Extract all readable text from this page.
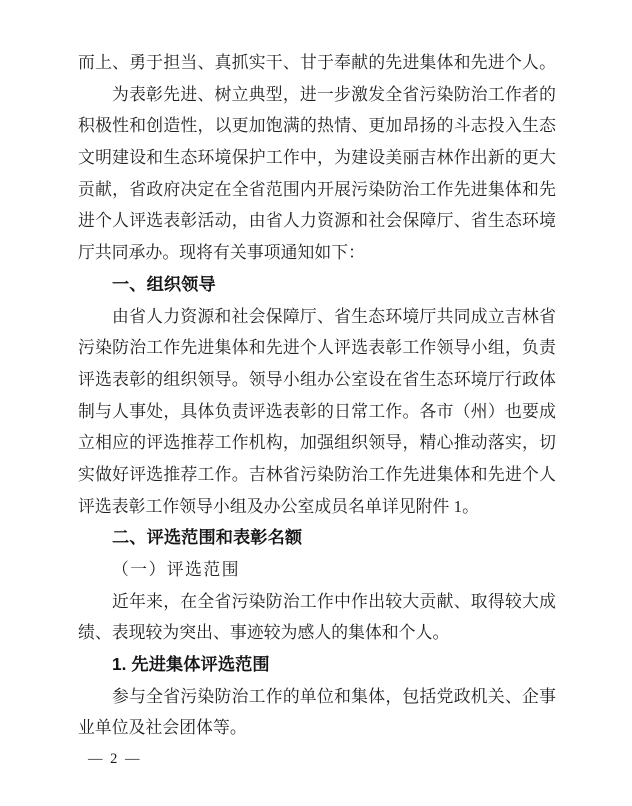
而上、勇于担当、真抓实干、甘于奉献的先进集体和先进个人。
为表彰先进、树立典型，进一步激发全省污染防治工作者的
积极性和创造性，以更加饱满的热情、更加昂扬的斗志投入生态
文明建设和生态环境保护工作中，为建设美丽吉林作出新的更大
贡献，省政府决定在全省范围内开展污染防治工作先进集体和先
进个人评选表彰活动，由省人力资源和社会保障厅、省生态环境
厅共同承办。现将有关事项通知如下：
一、组织领导
由省人力资源和社会保障厅、省生态环境厅共同成立吉林省
污染防治工作先进集体和先进个人评选表彰工作领导小组，负责
评选表彰的组织领导。领导小组办公室设在省生态环境厅行政体
制与人事处，具体负责评选表彰的日常工作。各市（州）也要成
立相应的评选推荐工作机构，加强组织领导，精心推动落实，切
实做好评选推荐工作。吉林省污染防治工作先进集体和先进个人
评选表彰工作领导小组及办公室成员名单详见附件 1。
二、评选范围和表彰名额
（一）评选范围
近年来，在全省污染防治工作中作出较大贡献、取得较大成
绩、表现较为突出、事迹较为感人的集体和个人。
1. 先进集体评选范围
参与全省污染防治工作的单位和集体，包括党政机关、企事
业单位及社会团体等。
— 2 —
